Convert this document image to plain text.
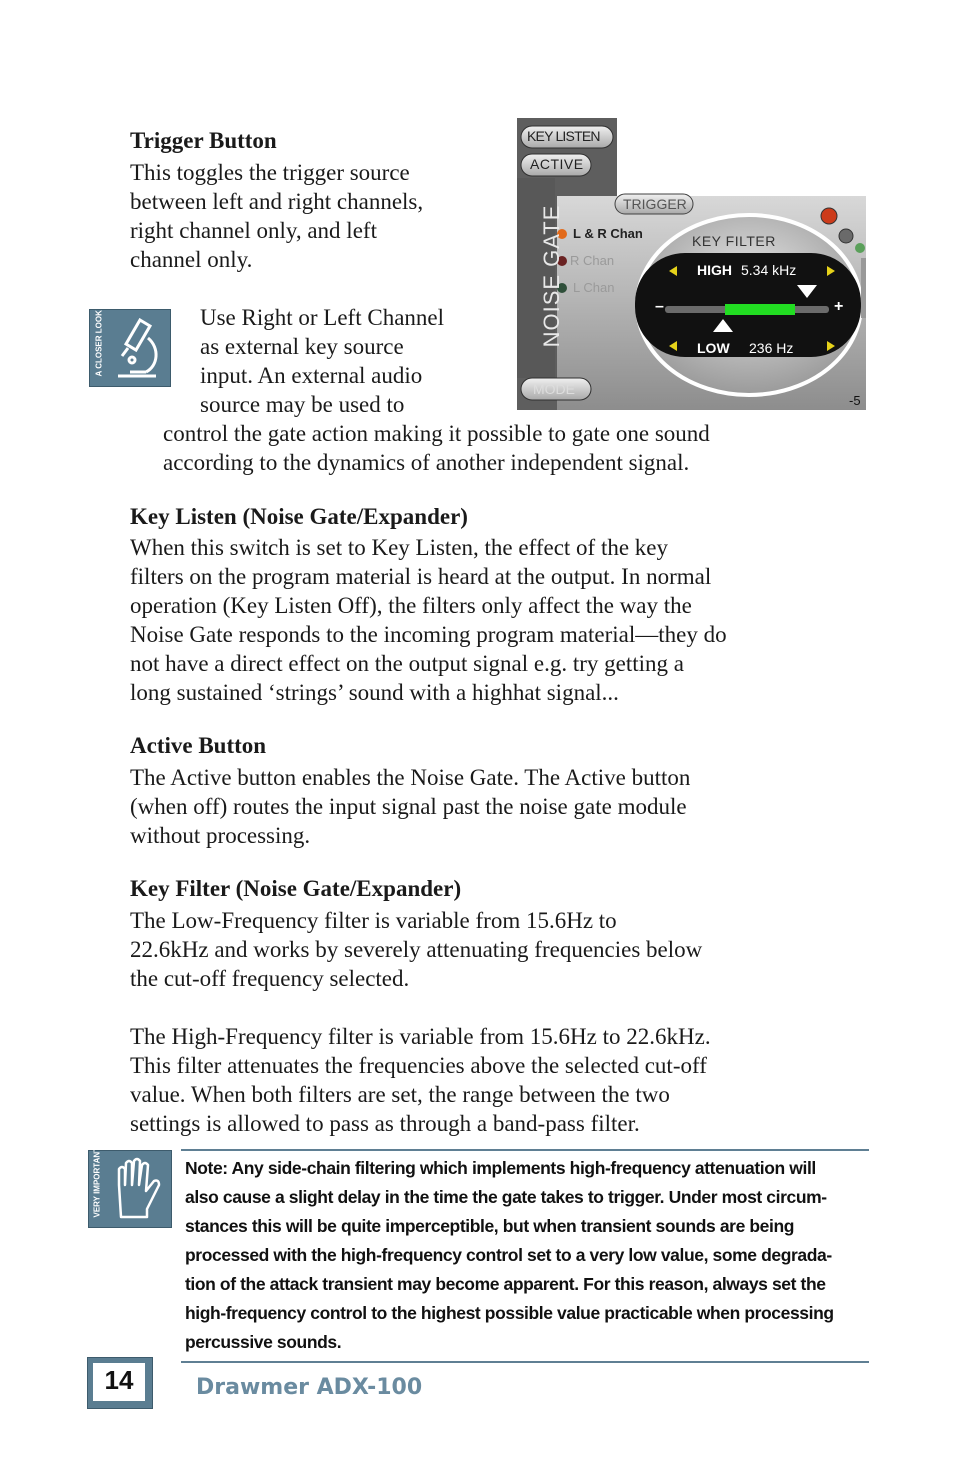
Trigger Button
This toggles the trigger source
between left and right channels,
right channel only, and left
channel only.
KEY LISTEN
ACTIVE
NOISE GATE
TRIGGER
L & R Chan
R Chan
L Chan
KEY FILTER
HIGH 5.34 kHz
–	+
LOW 236 Hz
MODE
-5
A CLOSER LOOK	Use Right or Left Channel
as external key source
input. An external audio
source may be used to
control the gate action making it possible to gate one sound
according to the dynamics of another independent signal.
Key Listen (Noise Gate/Expander)
When this switch is set to Key Listen, the effect of the key
filters on the program material is heard at the output. In normal
operation (Key Listen Off), the filters only affect the way the
Noise Gate responds to the incoming program material—they do
not have a direct effect on the output signal e.g. try getting a
long sustained ‘strings’ sound with a highhat signal...
Active Button
The Active button enables the Noise Gate. The Active button
(when off) routes the input signal past the noise gate module
without processing.
Key Filter (Noise Gate/Expander)
The Low-Frequency filter is variable from 15.6Hz to
22.6kHz and works by severely attenuating frequencies below
the cut-off frequency selected.
The High-Frequency filter is variable from 15.6Hz to 22.6kHz.
This filter attenuates the frequencies above the selected cut-off
value. When both filters are set, the range between the two
settings is allowed to pass as through a band-pass filter.
VERY IMPORTANT	Note: Any side-chain filtering which implements high-frequency attenuation will
also cause a slight delay in the time the gate takes to trigger. Under most circum-
stances this will be quite imperceptible, but when transient sounds are being
processed with the high-frequency control set to a very low value, some degrada-
tion of the attack transient may become apparent. For this reason, always set the
high-frequency control to the highest possible value practicable when processing
percussive sounds.
14	Drawmer ADX-100
